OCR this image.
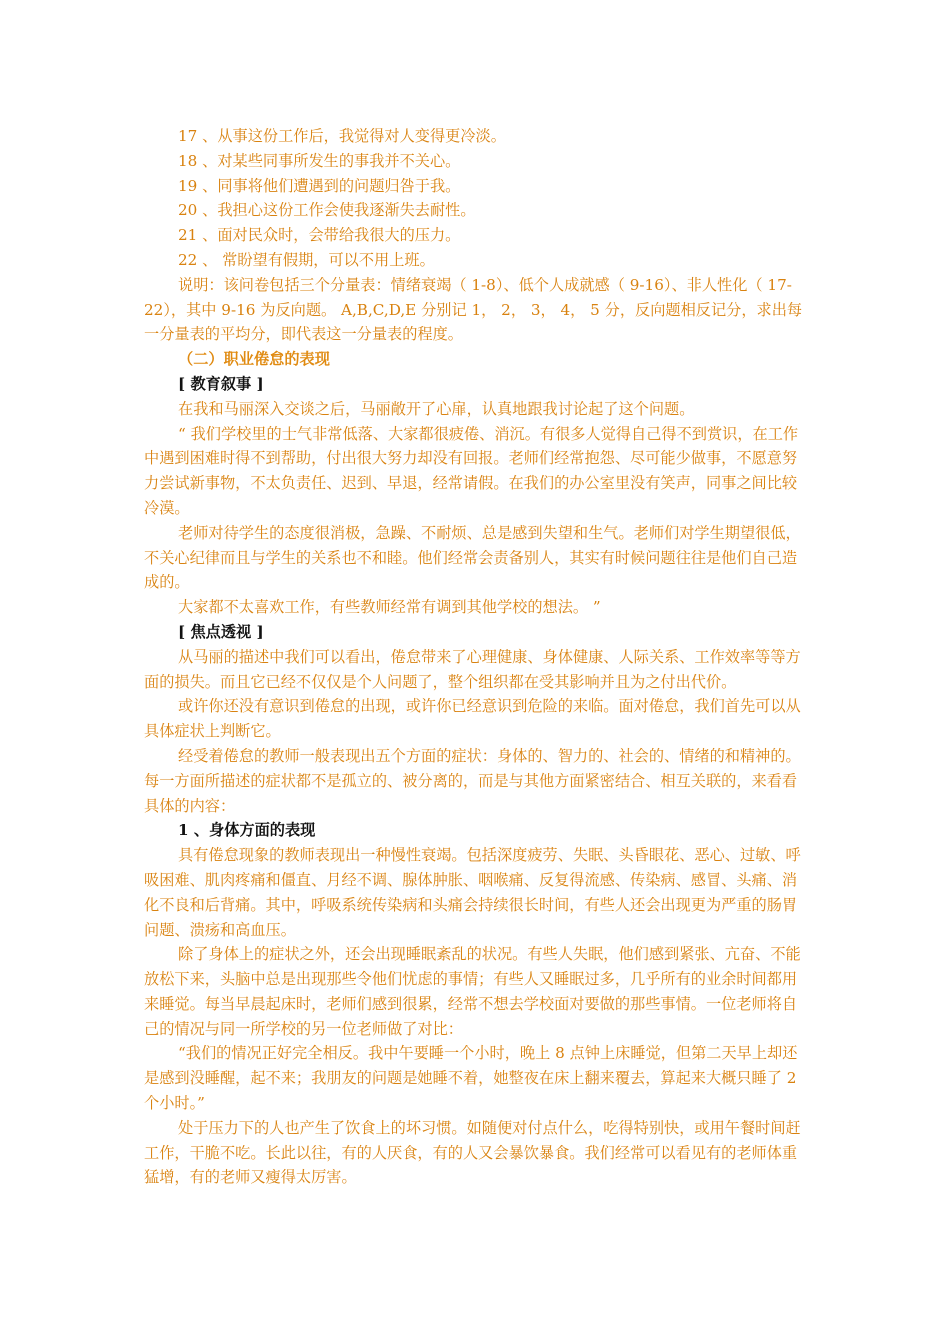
17 、从事这份工作后，我觉得对人变得更冷淡。

18 、对某些同事所发生的事我并不关心。

19 、同事将他们遭遇到的问题归咎于我。

20 、我担心这份工作会使我逐渐失去耐性。

21 、面对民众时，会带给我很大的压力。

22 、 常盼望有假期，可以不用上班。

说明：该问卷包括三个分量表：情绪衰竭（ 1-8）、低个人成就感（ 9-16）、非人性化（ 17-22），其中 9-16 为反向题。 A,B,C,D,E 分别记 1， 2， 3， 4， 5 分，反向题相反记分，求出每一分量表的平均分，即代表这一分量表的程度。

（二）职业倦怠的表现

[ 教育叙事 ]

在我和马丽深入交谈之后，马丽敞开了心扉，认真地跟我讨论起了这个问题。

“ 我们学校里的士气非常低落、大家都很疲倦、消沉。有很多人觉得自己得不到赏识，在工作中遇到困难时得不到帮助，付出很大努力却没有回报。老师们经常抱怨、尽可能少做事，不愿意努力尝试新事物，不太负责任、迟到、早退，经常请假。在我们的办公室里没有笑声，同事之间比较冷漠。

老师对待学生的态度很消极，急躁、不耐烦、总是感到失望和生气。老师们对学生期望很低，不关心纪律而且与学生的关系也不和睦。他们经常会责备别人，其实有时候问题往往是他们自己造成的。

大家都不太喜欢工作，有些教师经常有调到其他学校的想法。 ”

[ 焦点透视 ]

从马丽的描述中我们可以看出，倦怠带来了心理健康、身体健康、人际关系、工作效率等等方面的损失。而且它已经不仅仅是个人问题了，整个组织都在受其影响并且为之付出代价。

或许你还没有意识到倦怠的出现，或许你已经意识到危险的来临。面对倦怠，我们首先可以从具体症状上判断它。

经受着倦怠的教师一般表现出五个方面的症状：身体的、智力的、社会的、情绪的和精神的。每一方面所描述的症状都不是孤立的、被分离的，而是与其他方面紧密结合、相互关联的，来看看具体的内容：

1 、身体方面的表现

具有倦怠现象的教师表现出一种慢性衰竭。包括深度疲劳、失眠、头昏眼花、恶心、过敏、呼吸困难、肌肉疼痛和僵直、月经不调、腺体肿胀、咽喉痛、反复得流感、传染病、感冒、头痛、消化不良和后背痛。其中，呼吸系统传染病和头痛会持续很长时间，有些人还会出现更为严重的肠胃问题、溃疡和高血压。

除了身体上的症状之外，还会出现睡眠紊乱的状况。有些人失眠，他们感到紧张、亢奋、不能放松下来，头脑中总是出现那些令他们忧虑的事情；有些人又睡眠过多，几乎所有的业余时间都用来睡觉。每当早晨起床时，老师们感到很累，经常不想去学校面对要做的那些事情。一位老师将自己的情况与同一所学校的另一位老师做了对比：

“我们的情况正好完全相反。我中午要睡一个小时，晚上 8 点钟上床睡觉，但第二天早上却还是感到没睡醒，起不来；我朋友的问题是她睡不着，她整夜在床上翻来覆去，算起来大概只睡了 2 个小时。”

处于压力下的人也产生了饮食上的坏习惯。如随便对付点什么，吃得特别快，或用午餐时间赶工作，干脆不吃。长此以往，有的人厌食，有的人又会暴饮暴食。我们经常可以看见有的老师体重猛增，有的老师又瘦得太厉害。
